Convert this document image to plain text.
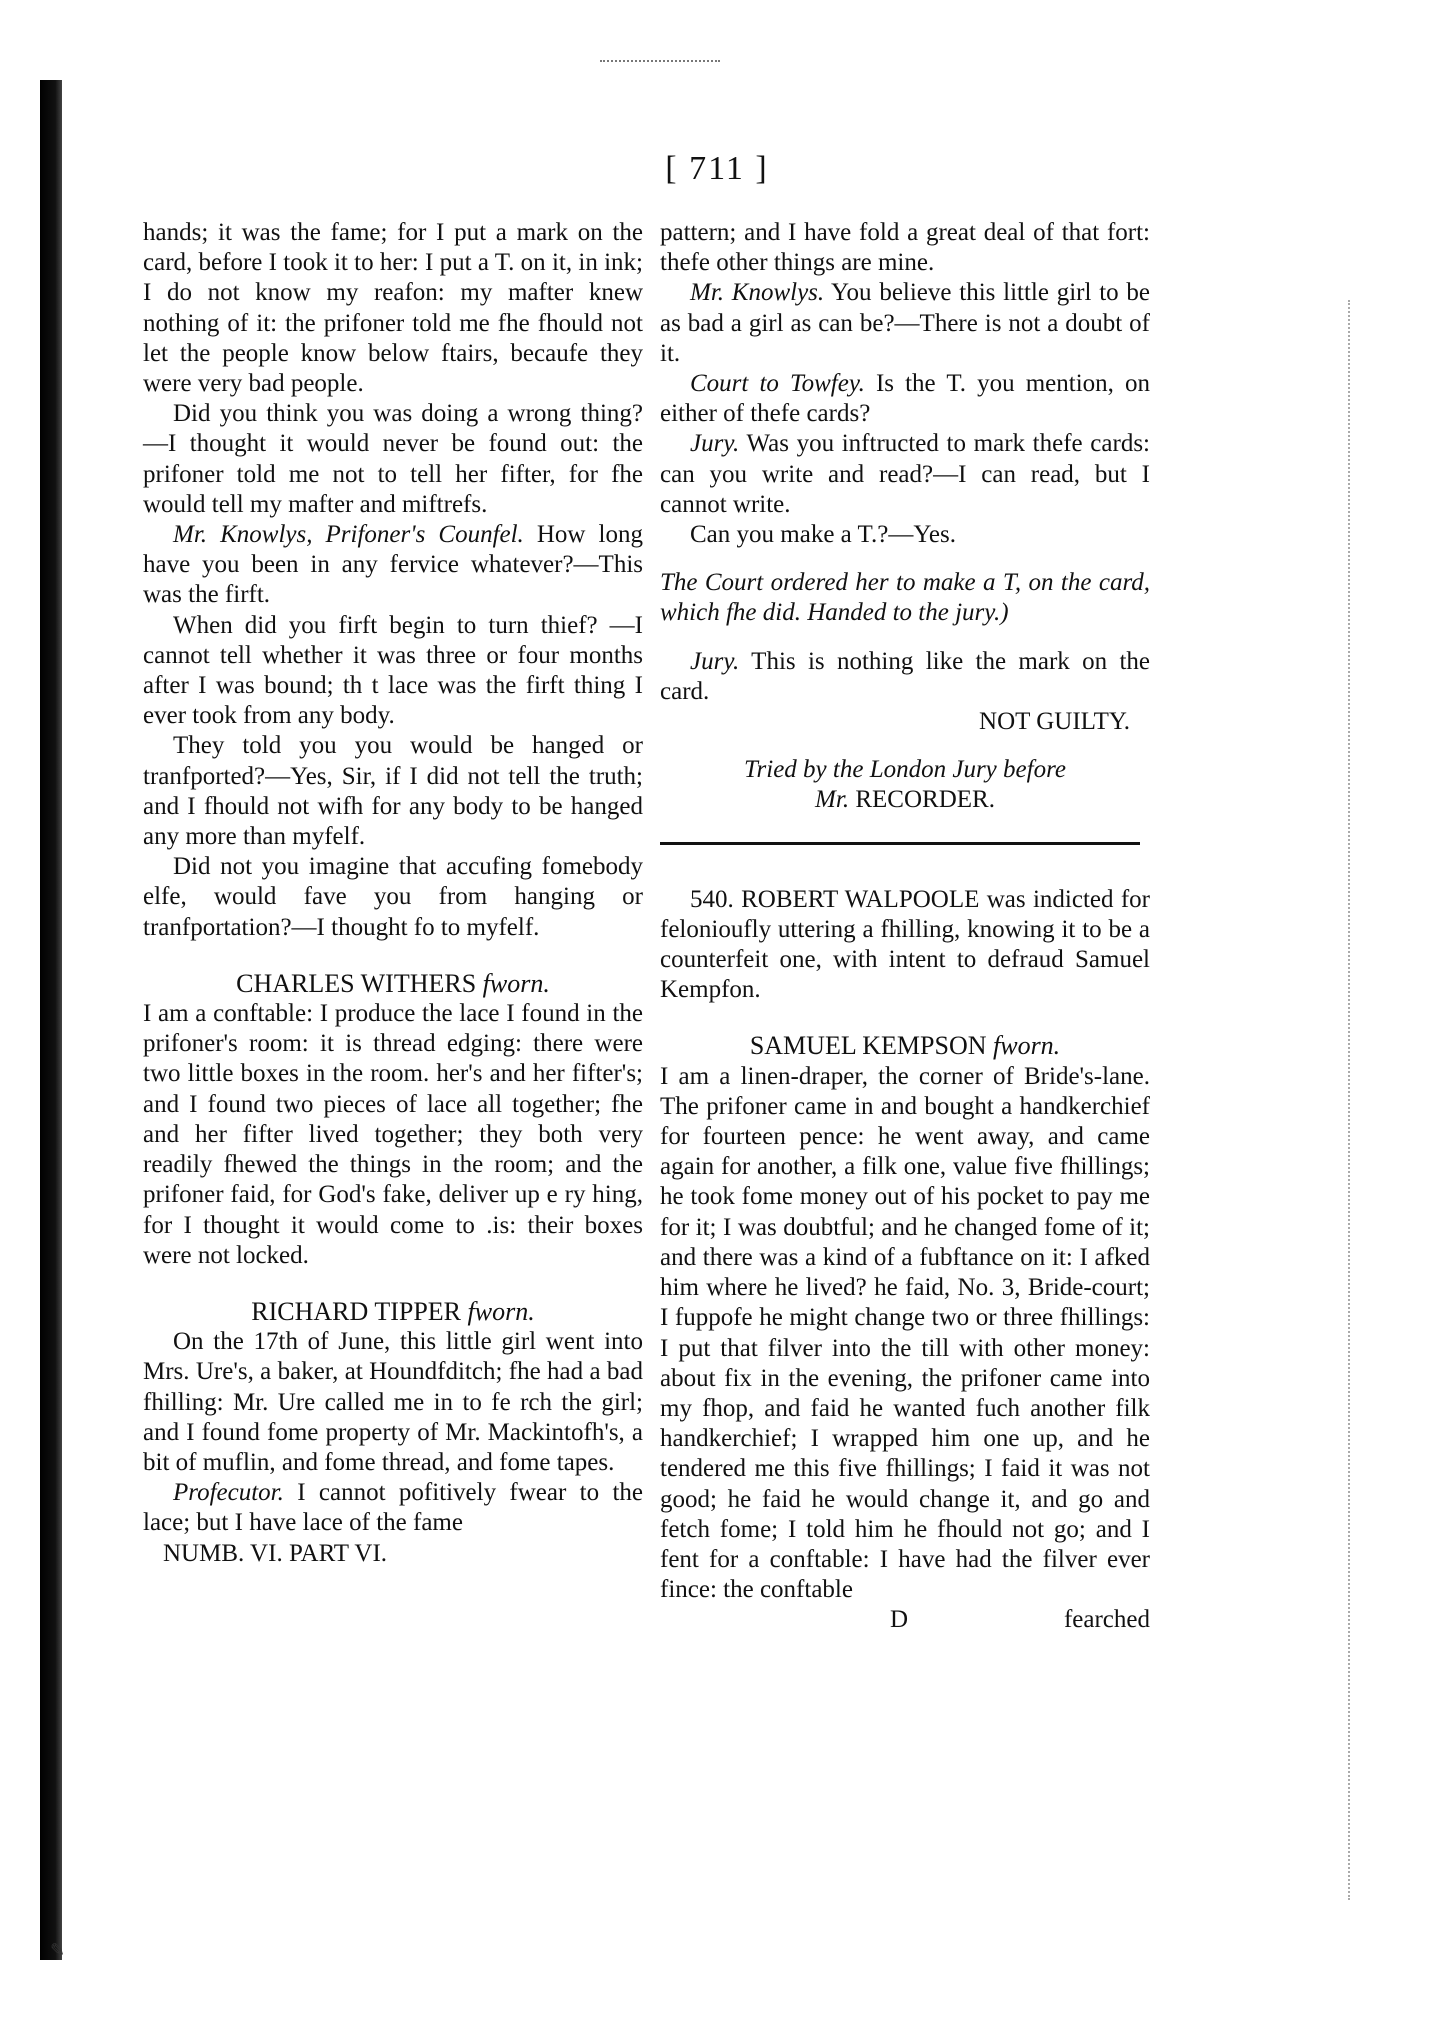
[ 711 ]

hands; it was the fame; for I put a mark on the card, before I took it to her: I put a T. on it, in ink; I do not know my reafon: my mafter knew nothing of it: the prifoner told me fhe fhould not let the people know below ftairs, becaufe they were very bad people.

Did you think you was doing a wrong thing?—I thought it would never be found out: the prifoner told me not to tell her fifter, for fhe would tell my mafter and miftrefs.

Mr. Knowlys, Prifoner's Counfel. How long have you been in any fervice whatever?—This was the firft.

When did you firft begin to turn thief? —I cannot tell whether it was three or four months after I was bound; th t lace was the firft thing I ever took from any body.

They told you you would be hanged or tranfported?—Yes, Sir, if I did not tell the truth; and I fhould not wifh for any body to be hanged any more than myfelf.

Did not you imagine that accufing fomebody elfe, would fave you from hanging or tranfportation?—I thought fo to myfelf.

CHARLES WITHERS fworn.

I am a conftable: I produce the lace I found in the prifoner's room: it is thread edging: there were two little boxes in the room. her's and her fifter's; and I found two pieces of lace all together; fhe and her fifter lived together; they both very readily fhewed the things in the room; and the prifoner faid, for God's fake, deliver up e ry hing, for I thought it would come to .is: their boxes were not locked.

RICHARD TIPPER fworn.

On the 17th of June, this little girl went into Mrs. Ure's, a baker, at Houndfditch; fhe had a bad fhilling: Mr. Ure called me in to fe rch the girl; and I found fome property of Mr. Mackintofh's, a bit of muflin, and fome thread, and fome tapes.

Profecutor. I cannot pofitively fwear to the lace; but I have lace of the fame

NUMB. VI. PART VI.

pattern; and I have fold a great deal of that fort: thefe other things are mine.

Mr. Knowlys. You believe this little girl to be as bad a girl as can be?—There is not a doubt of it.

Court to Towfey. Is the T. you mention, on either of thefe cards?

Jury. Was you inftructed to mark thefe cards: can you write and read?—I can read, but I cannot write.

Can you make a T.?—Yes.

The Court ordered her to make a T, on the card, which fhe did. Handed to the jury.)

Jury. This is nothing like the mark on the card.

NOT GUILTY.

Tried by the London Jury before

Mr. RECORDER.

540. ROBERT WALPOOLE was indicted for felonioufly uttering a fhilling, knowing it to be a counterfeit one, with intent to defraud Samuel Kempfon.

SAMUEL KEMPSON fworn.

I am a linen-draper, the corner of Bride's-lane. The prifoner came in and bought a handkerchief for fourteen pence: he went away, and came again for another, a filk one, value five fhillings; he took fome money out of his pocket to pay me for it; I was doubtful; and he changed fome of it; and there was a kind of a fubftance on it: I afked him where he lived? he faid, No. 3, Bride-court; I fuppofe he might change two or three fhillings: I put that filver into the till with other money: about fix in the evening, the prifoner came into my fhop, and faid he wanted fuch another filk handkerchief; I wrapped him one up, and he tendered me this five fhillings; I faid it was not good; he faid he would change it, and go and fetch fome; I told him he fhould not go; and I fent for a conftable: I have had the filver ever fince: the conftable

D	fearched

✎
